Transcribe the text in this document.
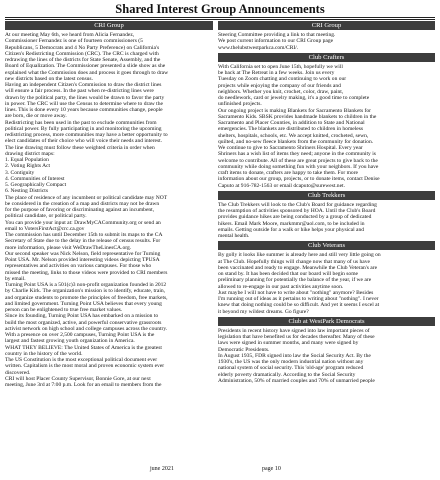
Shared Interest Group Announcements
CRI Group
At our meeting May 6th, we heard from Alicia Fernandez,
Commissioner Fernandez is one of fourteen commissioners (5
Republicans, 5 Democrats and 4 No Party Preference) on California's
Citizen's Redistricting Commission (CRC). The CRC is charged with
redrawing the lines of the districts for State Senate, Assembly, and the
Board of Equalization. The Commissioner presented a slide show as she
explained what the Commission does and process it goes through to draw
new districts based on the latest census.
Having an independent Citizen's Commission to draw the district lines
will ensure a fair process. In the past when re-districting lines were
drawn by the political party, the lines would be drawn to favor the party
in power. The CRC will use the Census to determine where to draw the
lines. This is done every 10 years because communities change, people
are born, die or move away.
Redistricting has been used in the past to exclude communities from
political power. By fully participating in and monitoring the upcoming
redistricting process, more communities may have a better opportunity to
elect candidates of their choice who will voice their needs and interest.
The line drawing must follow these weighted criteria in order when
drawing district maps:
1. Equal Population
2. Voting Rights Act
3. Contiguity
4. Communities of Interest
5. Geographically Compact
6. Nesting Districts
The place of residence of any incumbent or political candidate may NOT
be considered in the creation of a map and districts may not be drawn
for the purpose of favoring or discriminating against an incumbent,
political candidate, or political party.
You can provide your input at: DrawMyCACommunity.org or send an
email to VotersFirstAct@crc.ca.gov
The commission has until December 15th to submit its maps to the CA
Secretary of State due to the delay in the release of census results. For
more information, please visit WeDrawTheLinesCA.org.
Our second speaker was Nick Nelson, field representative for Turning
Point USA. Mr. Nelson provided interesting videos depicting TPUSA
representatives and activities on various campuses. For those who
missed the meeting, links to those videos were provided to CRI members
by email.
Turning Point USA is a 501(c)3 non-profit organization founded in 2012
by Charlie Kirk. The organization's mission is to identify, educate, train,
and organize students to promote the principles of freedom, free markets,
and limited government. Turning Point USA believes that every young
person can be enlightened to true free market values.
Since its founding, Turning Point USA has embarked on a mission to
build the most organized, active, and powerful conservative grassroots
activist network on high school and college campuses across the country.
With a presence on over 2,500 campuses, Turning Point USA is the
largest and fastest growing youth organization in America.
WHAT THEY BELIEVE: The United States of America is the greatest
country in the history of the world.
The US Constitution is the most exceptional political document ever
written. Capitalism is the most moral and proven economic system ever
discovered.
CRI will host Placer County Supervisor, Bonnie Gore, at our next
meeting, June 3rd at 7:00 p.m. Look for an email to members from the
CRI Group
Steering Committee providing a link to that meeting.
We post current information to our CRI Group page
www.thelubstwestparkca.com/CRI/.
Club Crafters
With California set to open June 15th, hopefully we will
be back at The Retreat in a few weeks. Join us every
Tuesday on Zoom chatting and continuing to work on our
projects while enjoying the company of our friends and
neighbors. Whether you knit, crochet, color, draw, paint,
do needlework, card or jewelry making, it's a good time to complete
unfinished projects.
Our ongoing project is making Blankets for Sacramento Blankets for
Sacramento Kids. SBSK provides handmade blankets to children in the
Sacramento and Placer Counties, in addition to State and National
emergencies. The blankets are distributed to children in homeless
shelters, hospitals, schools, etc. We accept knitted, crocheted, sewn,
quilted, and no-sew fleece blankets from the community for donation.
We continue to give to Sacramento Shriners Hospital. Every year
Shriners has a wish list of items they need; anyone in the community is
welcome to contribute. All of these are great projects to give back to the
community while doing something fun with your neighbors. If you have
craft items to donate, crafters are happy to take them. For more
information about our group, projects, or to donate items, contact Denise
Caputo at 916-782-1563 or email dcaputo@surewest.net.
Club Trekkers
The Club Trekkers will look to the Club's Board for guidance regarding
the resumption of activities sponsored by HOA. Until the Club's Board
provides guidance hikes are being conducted by a group of dedicated
hikers. Email Mark Moore, markmmr@aol.com, to be included in
emails. Getting outside for a walk or hike helps your physical and
mental health.
Club Veterans
By golly it looks like summer is already here and still very little going on
at The Club. Hopefully things will change now that many of us have
been vaccinated and ready to engage. Meanwhile the Club Veteran's are
on stand by. It has been decided that our board will begin some
preliminary planning for potentially the balance of the year, if we are
allowed to re-engage in our past activities anytime soon.
Just maybe I will not have to write about "nothing" anymore? Besides
I'm running out of ideas as it pertains to writing about "nothing". I never
knew that doing nothing could be so difficult. And yet it seems I excel at
it beyond my wildest dreams. Go figure?
Club at WestPark Democrats
Presidents in recent history have signed into law important pieces of
legislation that have benefited us for decades thereafter. Many of these
laws were signed in summer months, and many were signed by
Democratic Presidents.
In August 1935, FDR signed into law the Social Security Act. By the
1930's, the US was the only modern industrial nation without any
national system of social security. This 'old-age' program reduced
elderly poverty dramatically. According to the Social Security
Administration, 50% of married couples and 70% of unmarried people
june 2021	page 10
